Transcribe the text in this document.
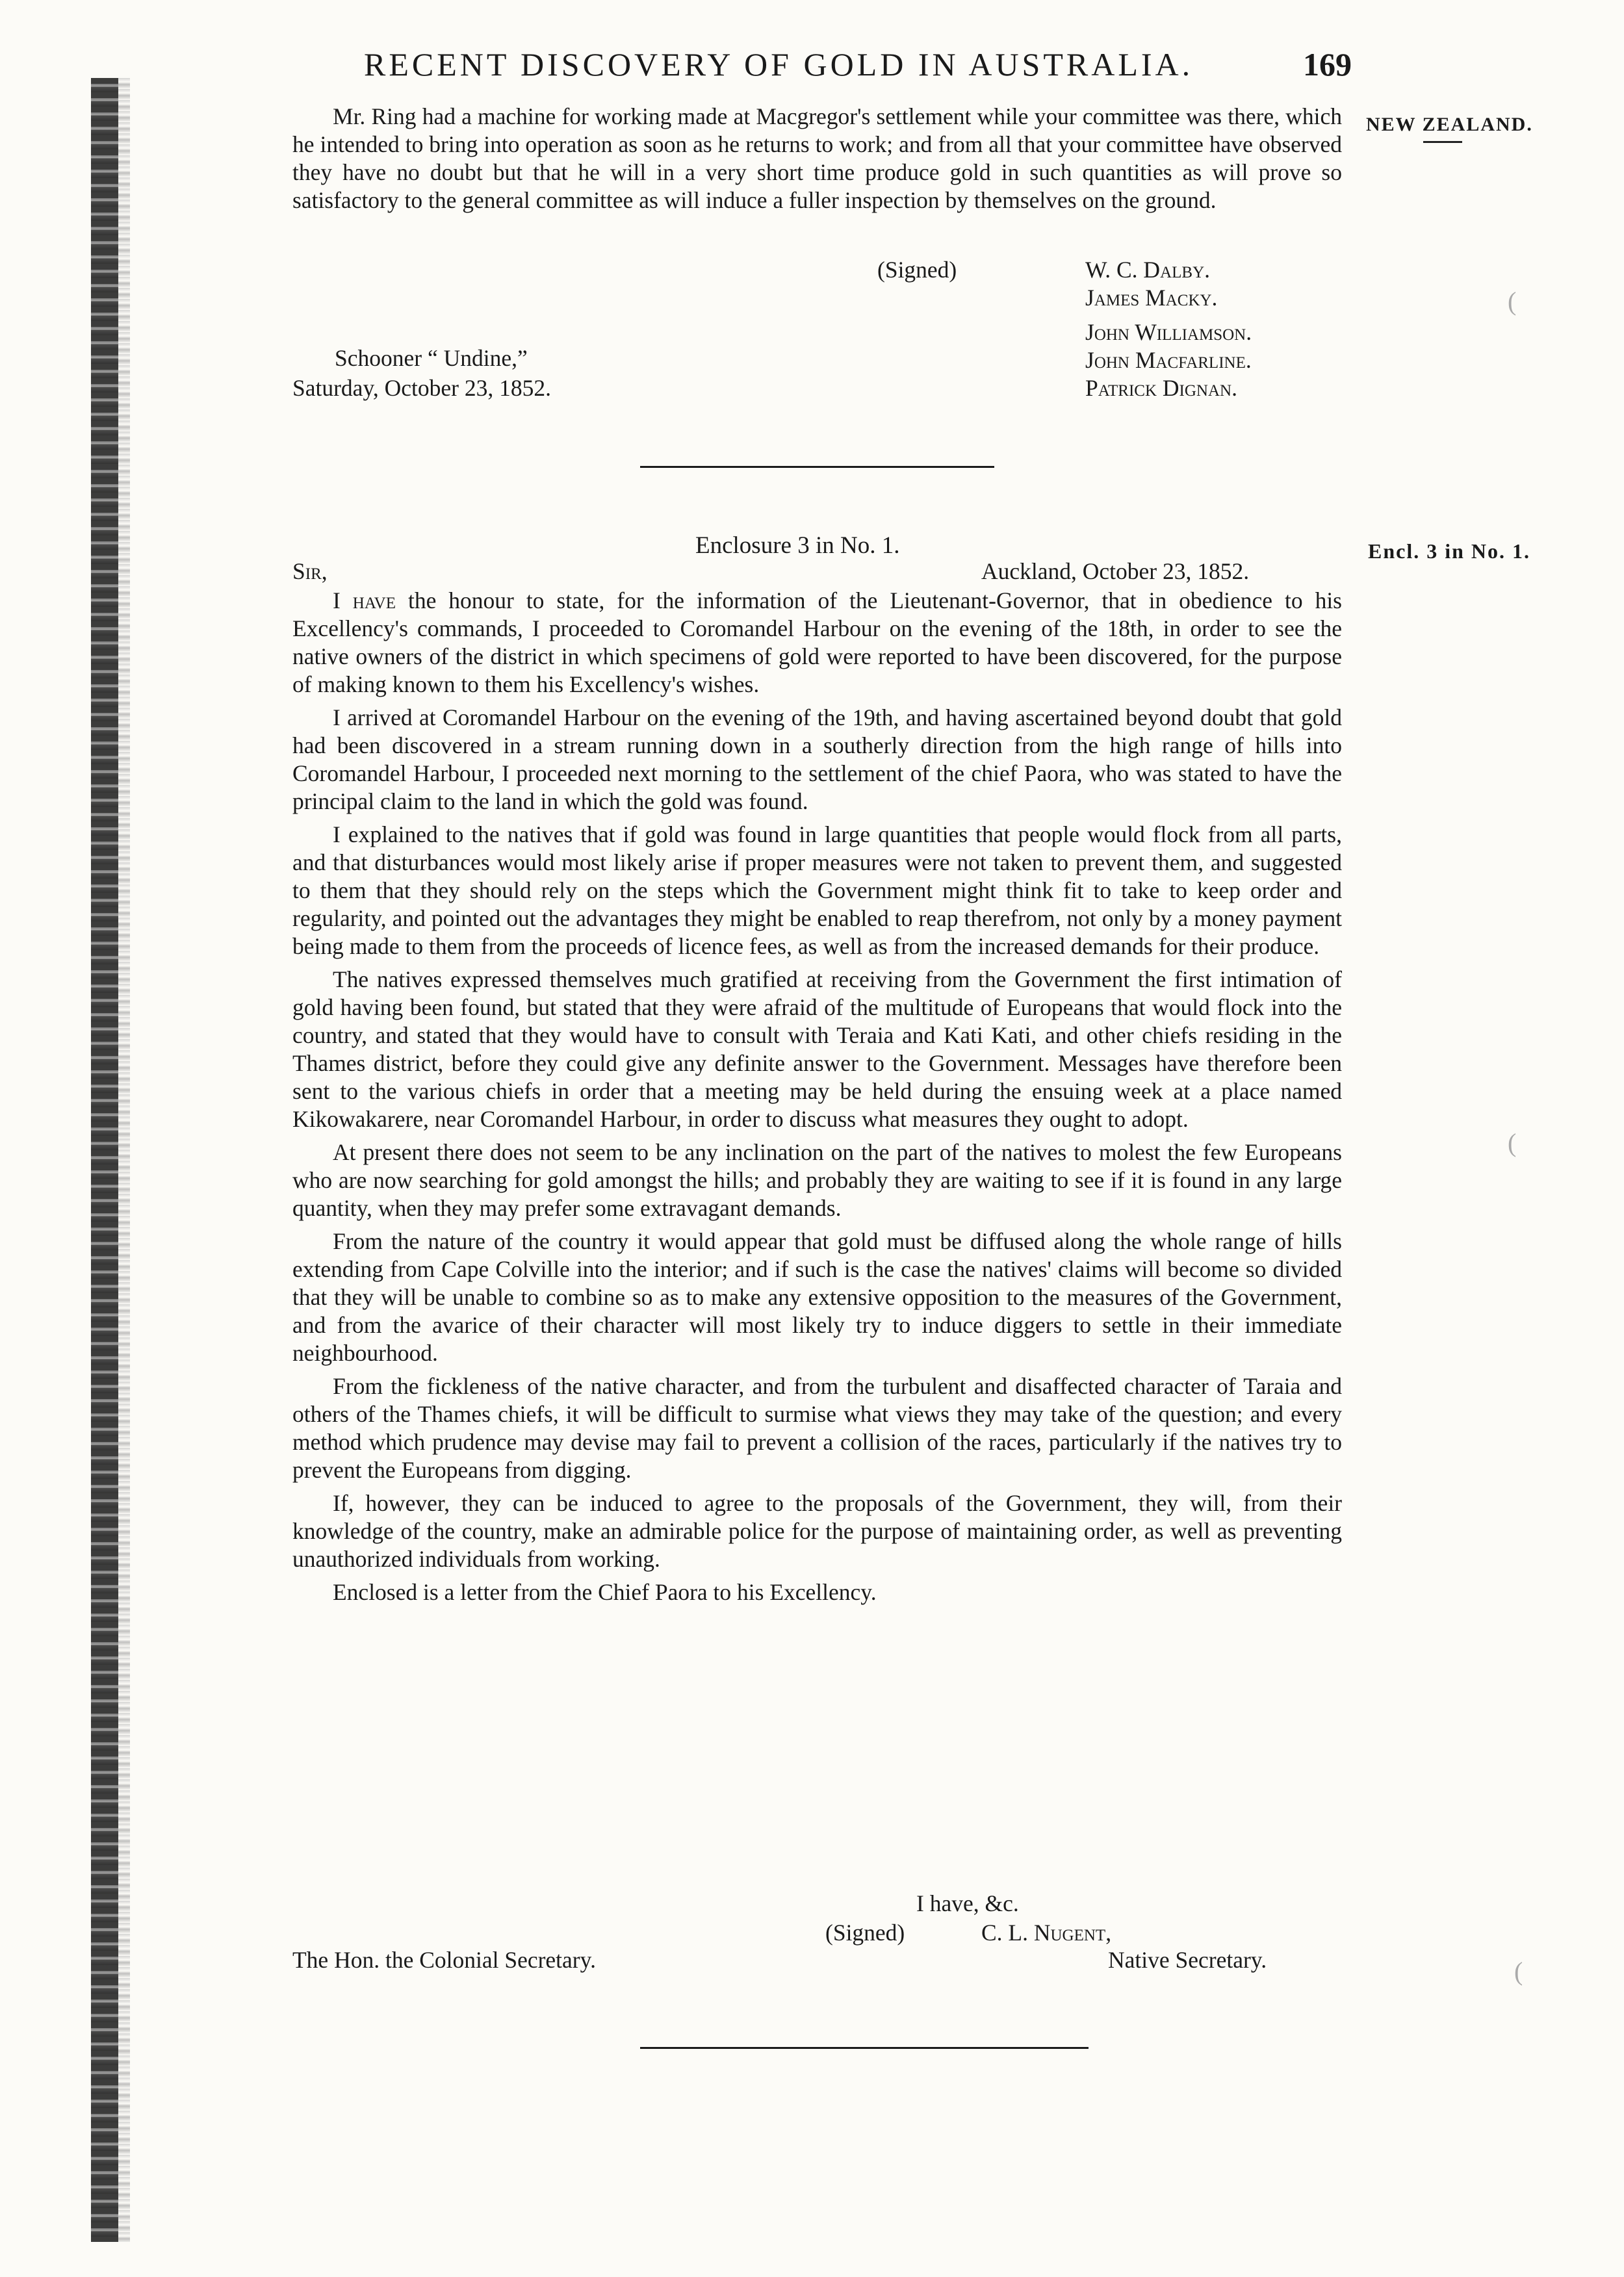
RECENT DISCOVERY OF GOLD IN AUSTRALIA.	169
NEW ZEALAND.

Mr. Ring had a machine for working made at Macgregor's settlement while your committee was there, which he intended to bring into operation as soon as he returns to work; and from all that your committee have observed they have no doubt but that he will in a very short time produce gold in such quantities as will prove so satisfactory to the general committee as will induce a fuller inspection by themselves on the ground.

(Signed)	W. C. Dalby.
James Macky.
John Williamson.
John Macfarline.
Patrick Dignan.
Schooner “ Undine,”
Saturday, October 23, 1852.
Enclosure 3 in No. 1.	Encl. 3 in No. 1.
Sir,	Auckland, October 23, 1852.

I have the honour to state, for the information of the Lieutenant-Governor, that in obedience to his Excellency's commands, I proceeded to Coromandel Harbour on the evening of the 18th, in order to see the native owners of the district in which specimens of gold were reported to have been discovered, for the purpose of making known to them his Excellency's wishes.

I arrived at Coromandel Harbour on the evening of the 19th, and having ascertained beyond doubt that gold had been discovered in a stream running down in a southerly direction from the high range of hills into Coromandel Harbour, I proceeded next morning to the settlement of the chief Paora, who was stated to have the principal claim to the land in which the gold was found.

I explained to the natives that if gold was found in large quantities that people would flock from all parts, and that disturbances would most likely arise if proper measures were not taken to prevent them, and suggested to them that they should rely on the steps which the Government might think fit to take to keep order and regularity, and pointed out the advantages they might be enabled to reap therefrom, not only by a money payment being made to them from the proceeds of licence fees, as well as from the increased demands for their produce.

The natives expressed themselves much gratified at receiving from the Government the first intimation of gold having been found, but stated that they were afraid of the multitude of Europeans that would flock into the country, and stated that they would have to consult with Teraia and Kati Kati, and other chiefs residing in the Thames district, before they could give any definite answer to the Government. Messages have therefore been sent to the various chiefs in order that a meeting may be held during the ensuing week at a place named Kikowakarere, near Coromandel Harbour, in order to discuss what measures they ought to adopt.

At present there does not seem to be any inclination on the part of the natives to molest the few Europeans who are now searching for gold amongst the hills; and probably they are waiting to see if it is found in any large quantity, when they may prefer some extravagant demands.

From the nature of the country it would appear that gold must be diffused along the whole range of hills extending from Cape Colville into the interior; and if such is the case the natives' claims will become so divided that they will be unable to combine so as to make any extensive opposition to the measures of the Government, and from the avarice of their character will most likely try to induce diggers to settle in their immediate neighbourhood.

From the fickleness of the native character, and from the turbulent and disaffected character of Taraia and others of the Thames chiefs, it will be difficult to surmise what views they may take of the question; and every method which prudence may devise may fail to prevent a collision of the races, particularly if the natives try to prevent the Europeans from digging.

If, however, they can be induced to agree to the proposals of the Government, they will, from their knowledge of the country, make an admirable police for the purpose of maintaining order, as well as preventing unauthorized individuals from working.

Enclosed is a letter from the Chief Paora to his Excellency.

I have, &c.
(Signed)	C. L. Nugent,
The Hon. the Colonial Secretary.	Native Secretary.
(
(
(
